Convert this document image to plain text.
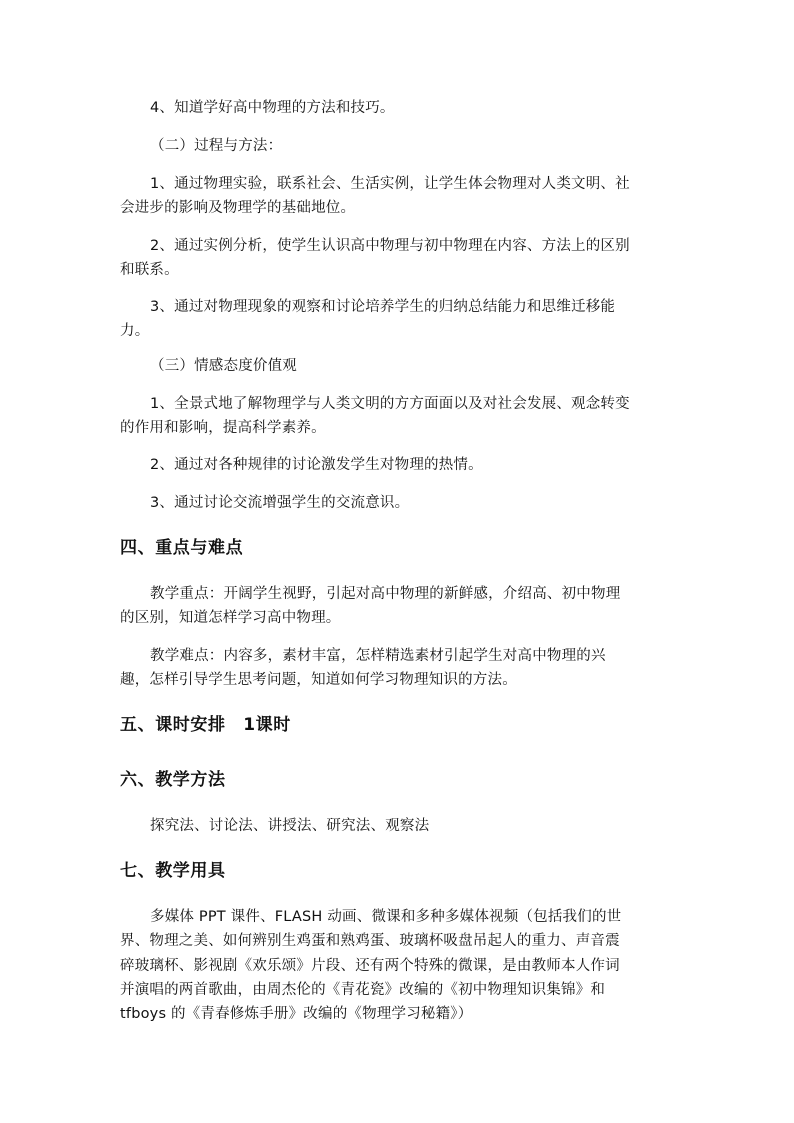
4、知道学好高中物理的方法和技巧。
（二）过程与方法：
1、通过物理实验，联系社会、生活实例，让学生体会物理对人类文明、社
会进步的影响及物理学的基础地位。
2、通过实例分析，使学生认识高中物理与初中物理在内容、方法上的区别
和联系。
3、通过对物理现象的观察和讨论培养学生的归纳总结能力和思维迁移能
力。
（三）情感态度价值观
1、全景式地了解物理学与人类文明的方方面面以及对社会发展、观念转变
的作用和影响，提高科学素养。
2、通过对各种规律的讨论激发学生对物理的热情。
3、通过讨论交流增强学生的交流意识。
四、重点与难点
教学重点：开阔学生视野，引起对高中物理的新鲜感，介绍高、初中物理
的区别，知道怎样学习高中物理。
教学难点：内容多，素材丰富，怎样精选素材引起学生对高中物理的兴
趣，怎样引导学生思考问题，知道如何学习物理知识的方法。
五、课时安排　1课时
六、教学方法
探究法、讨论法、讲授法、研究法、观察法
七、教学用具
多媒体 PPT 课件、FLASH 动画、微课和多种多媒体视频（包括我们的世
界、物理之美、如何辨别生鸡蛋和熟鸡蛋、玻璃杯吸盘吊起人的重力、声音震
碎玻璃杯、影视剧《欢乐颂》片段、还有两个特殊的微课，是由教师本人作词
并演唱的两首歌曲，由周杰伦的《青花瓷》改编的《初中物理知识集锦》和
tfboys 的《青春修炼手册》改编的《物理学习秘籍》）
